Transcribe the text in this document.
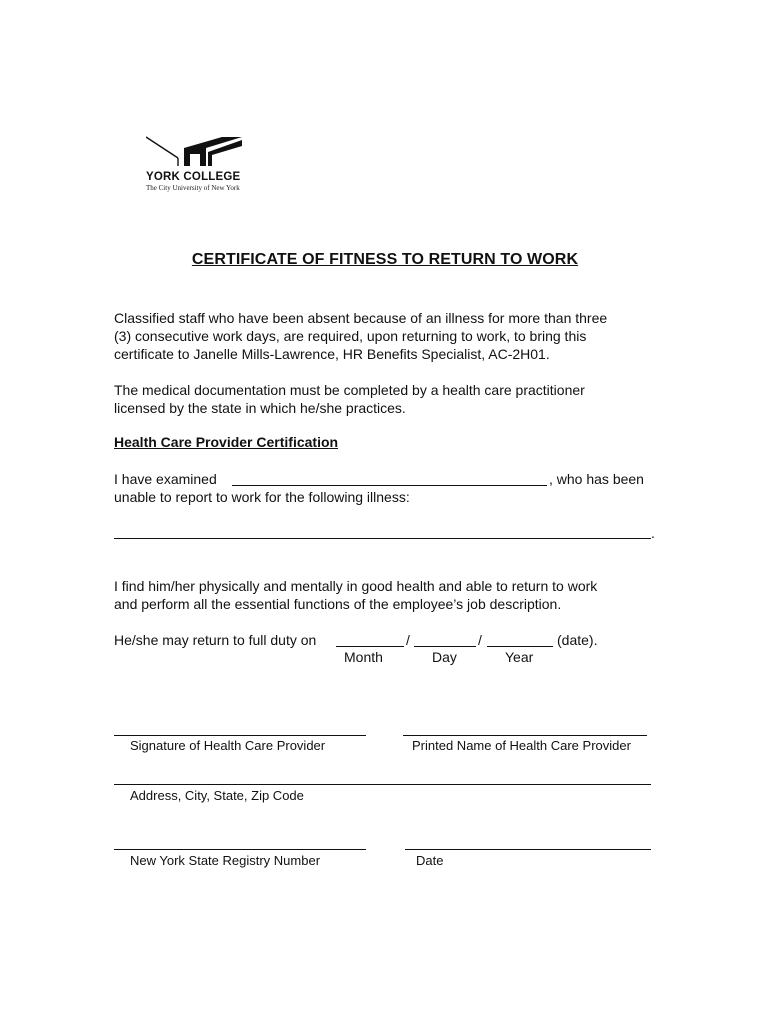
YORK COLLEGE
The City University of New York
CERTIFICATE OF FITNESS TO RETURN TO WORK
Classified staff who have been absent because of an illness for more than three
(3) consecutive work days, are required, upon returning to work, to bring this
certificate to Janelle Mills-Lawrence, HR Benefits Specialist, AC-2H01.
The medical documentation must be completed by a health care practitioner
licensed by the state in which he/she practices.
Health Care Provider Certification
I have examined	, who has been
unable to report to work for the following illness:
.
I find him/her physically and mentally in good health and able to return to work
and perform all the essential functions of the employee’s job description.
He/she may return to full duty on	/	/	(date).
Month	Day	Year
Signature of Health Care Provider	Printed Name of Health Care Provider
Address, City, State, Zip Code
New York State Registry Number	Date
